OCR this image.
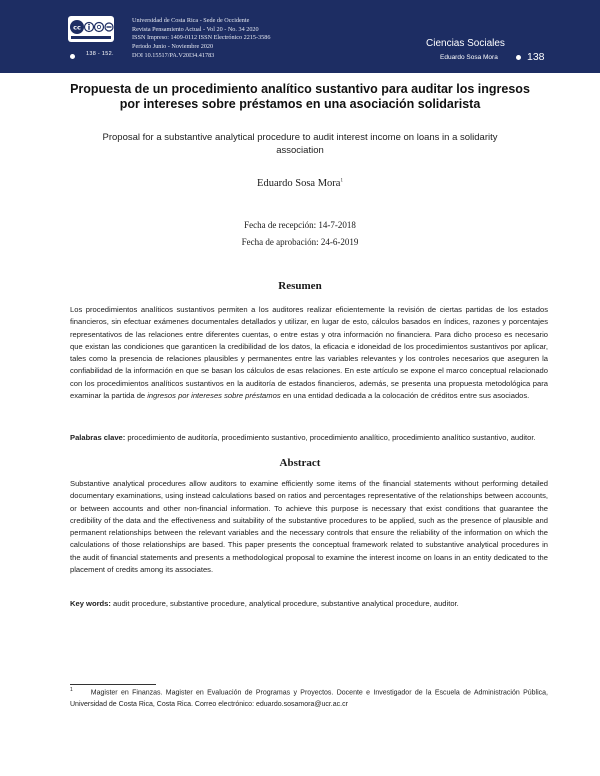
cc
138 - 152.
Universidad de Costa Rica - Sede de Occidente
Revista Pensamiento Actual - Vol 20 - No. 34 2020
ISSN Impreso: 1409-0112 ISSN Electrónico 2215-3586
Periodo Junio - Noviembre 2020
DOI 10.15517/PA.V20I34.41783
Ciencias Sociales
Eduardo Sosa Mora	138
Propuesta de un procedimiento analítico sustantivo para auditar los ingresos por intereses sobre préstamos en una asociación solidarista
Proposal for a substantive analytical procedure to audit interest income on loans in a solidarity association
Eduardo Sosa Mora$^1$
Fecha de recepción: 14-7-2018
Fecha de aprobación: 24-6-2019
Resumen
Los procedimientos analíticos sustantivos permiten a los auditores realizar eficientemente la revisión de ciertas partidas de los estados financieros, sin efectuar exámenes documentales detallados y utilizar, en lugar de esto, cálculos basados en índices, razones y porcentajes representativos de las relaciones entre diferentes cuentas, o entre estas y otra información no financiera. Para dicho proceso es necesario que existan las condiciones que garanticen la credibilidad de los datos, la eficacia e idoneidad de los procedimientos sustantivos por aplicar, tales como la presencia de relaciones plausibles y permanentes entre las variables relevantes y los controles necesarios que aseguren la confiabilidad de la información en que se basan los cálculos de esas relaciones. En este artículo se expone el marco conceptual relacionado con los procedimientos analíticos sustantivos en la auditoría de estados financieros, además, se presenta una propuesta metodológica para examinar la partida de ingresos por intereses sobre préstamos en una entidad dedicada a la colocación de créditos entre sus asociados.
Palabras clave: procedimiento de auditoría, procedimiento sustantivo, procedimiento analítico, procedimiento analítico sustantivo, auditor.
Abstract
Substantive analytical procedures allow auditors to examine efficiently some items of the financial statements without performing detailed documentary examinations, using instead calculations based on ratios and percentages representative of the relationships between accounts, or between accounts and other non-financial information. To achieve this purpose is necessary that exist conditions that guarantee the credibility of the data and the effectiveness and suitability of the substantive procedures to be applied, such as the presence of plausible and permanent relationships between the relevant variables and the necessary controls that ensure the reliability of the information on which the calculations of those relationships are based. This paper presents the conceptual framework related to substantive analytical procedures in the audit of financial statements and presents a methodological proposal to examine the interest income on loans in an entity dedicated to the placement of credits among its associates.
Key words: audit procedure, substantive procedure, analytical procedure, substantive analytical procedure, auditor.
$^1$	Magister en Finanzas. Magister en Evaluación de Programas y Proyectos. Docente e Investigador de la Escuela de Administración Pública, Universidad de Costa Rica, Costa Rica. Correo electrónico: eduardo.sosamora@ucr.ac.cr
